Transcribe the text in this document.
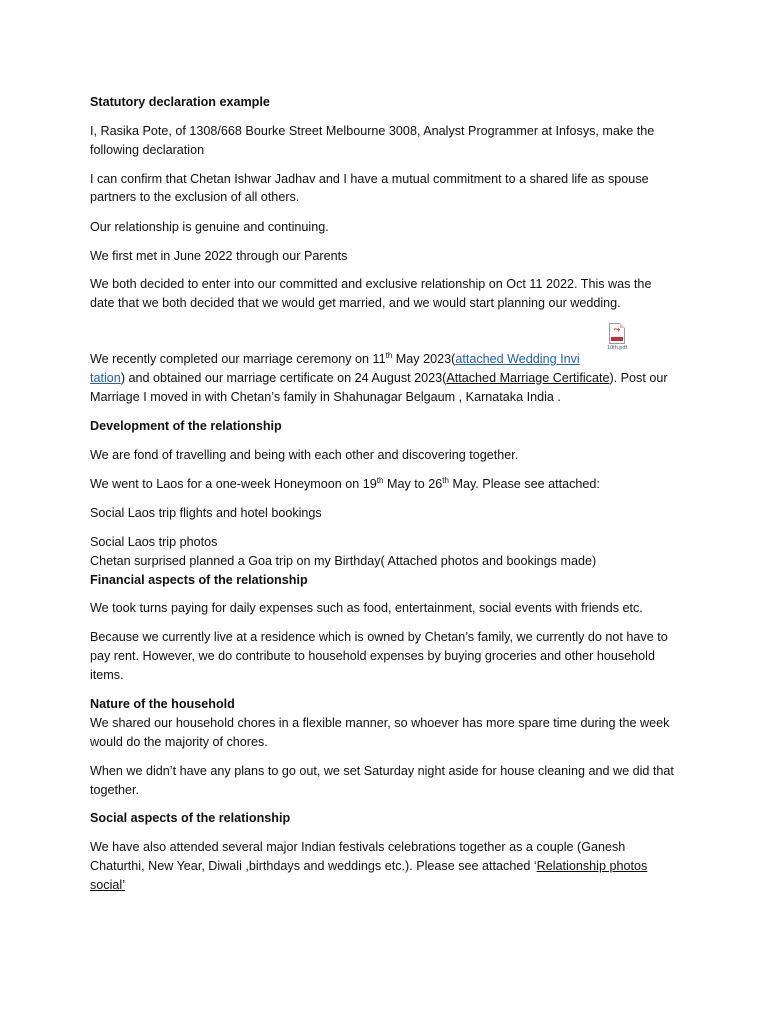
Statutory declaration example

I, Rasika Pote, of 1308/668 Bourke Street Melbourne 3008, Analyst Programmer at Infosys, make the

following declaration

I can confirm that Chetan Ishwar Jadhav and I have a mutual commitment to a shared life as spouse

partners to the exclusion of all others.

Our relationship is genuine and continuing.

We first met in June 2022 through our Parents

We both decided to enter into our committed and exclusive relationship on Oct 11 2022. This was the

date that we both decided that we would get married, and we would start planning our wedding.

⤳
10th.pdf

We recently completed our marriage ceremony on 11th May 2023(attached Wedding Invi

tation) and obtained our marriage certificate on 24 August 2023(Attached Marriage Certificate). Post our

Marriage I moved in with Chetan’s family in Shahunagar Belgaum , Karnataka India .

Development of the relationship

We are fond of travelling and being with each other and discovering together.

We went to Laos for a one-week Honeymoon on 19th May to 26th May. Please see attached:

Social Laos trip flights and hotel bookings

Social Laos trip photos

Chetan surprised planned a Goa trip on my Birthday( Attached photos and bookings made)

Financial aspects of the relationship

We took turns paying for daily expenses such as food, entertainment, social events with friends etc.

Because we currently live at a residence which is owned by Chetan’s family, we currently do not have to

pay rent. However, we do contribute to household expenses by buying groceries and other household

items.

Nature of the household

We shared our household chores in a flexible manner, so whoever has more spare time during the week

would do the majority of chores.

When we didn’t have any plans to go out, we set Saturday night aside for house cleaning and we did that

together.

Social aspects of the relationship

We have also attended several major Indian festivals celebrations together as a couple (Ganesh

Chaturthi, New Year, Diwali ,birthdays and weddings etc.). Please see attached ‘Relationship photos

social’
